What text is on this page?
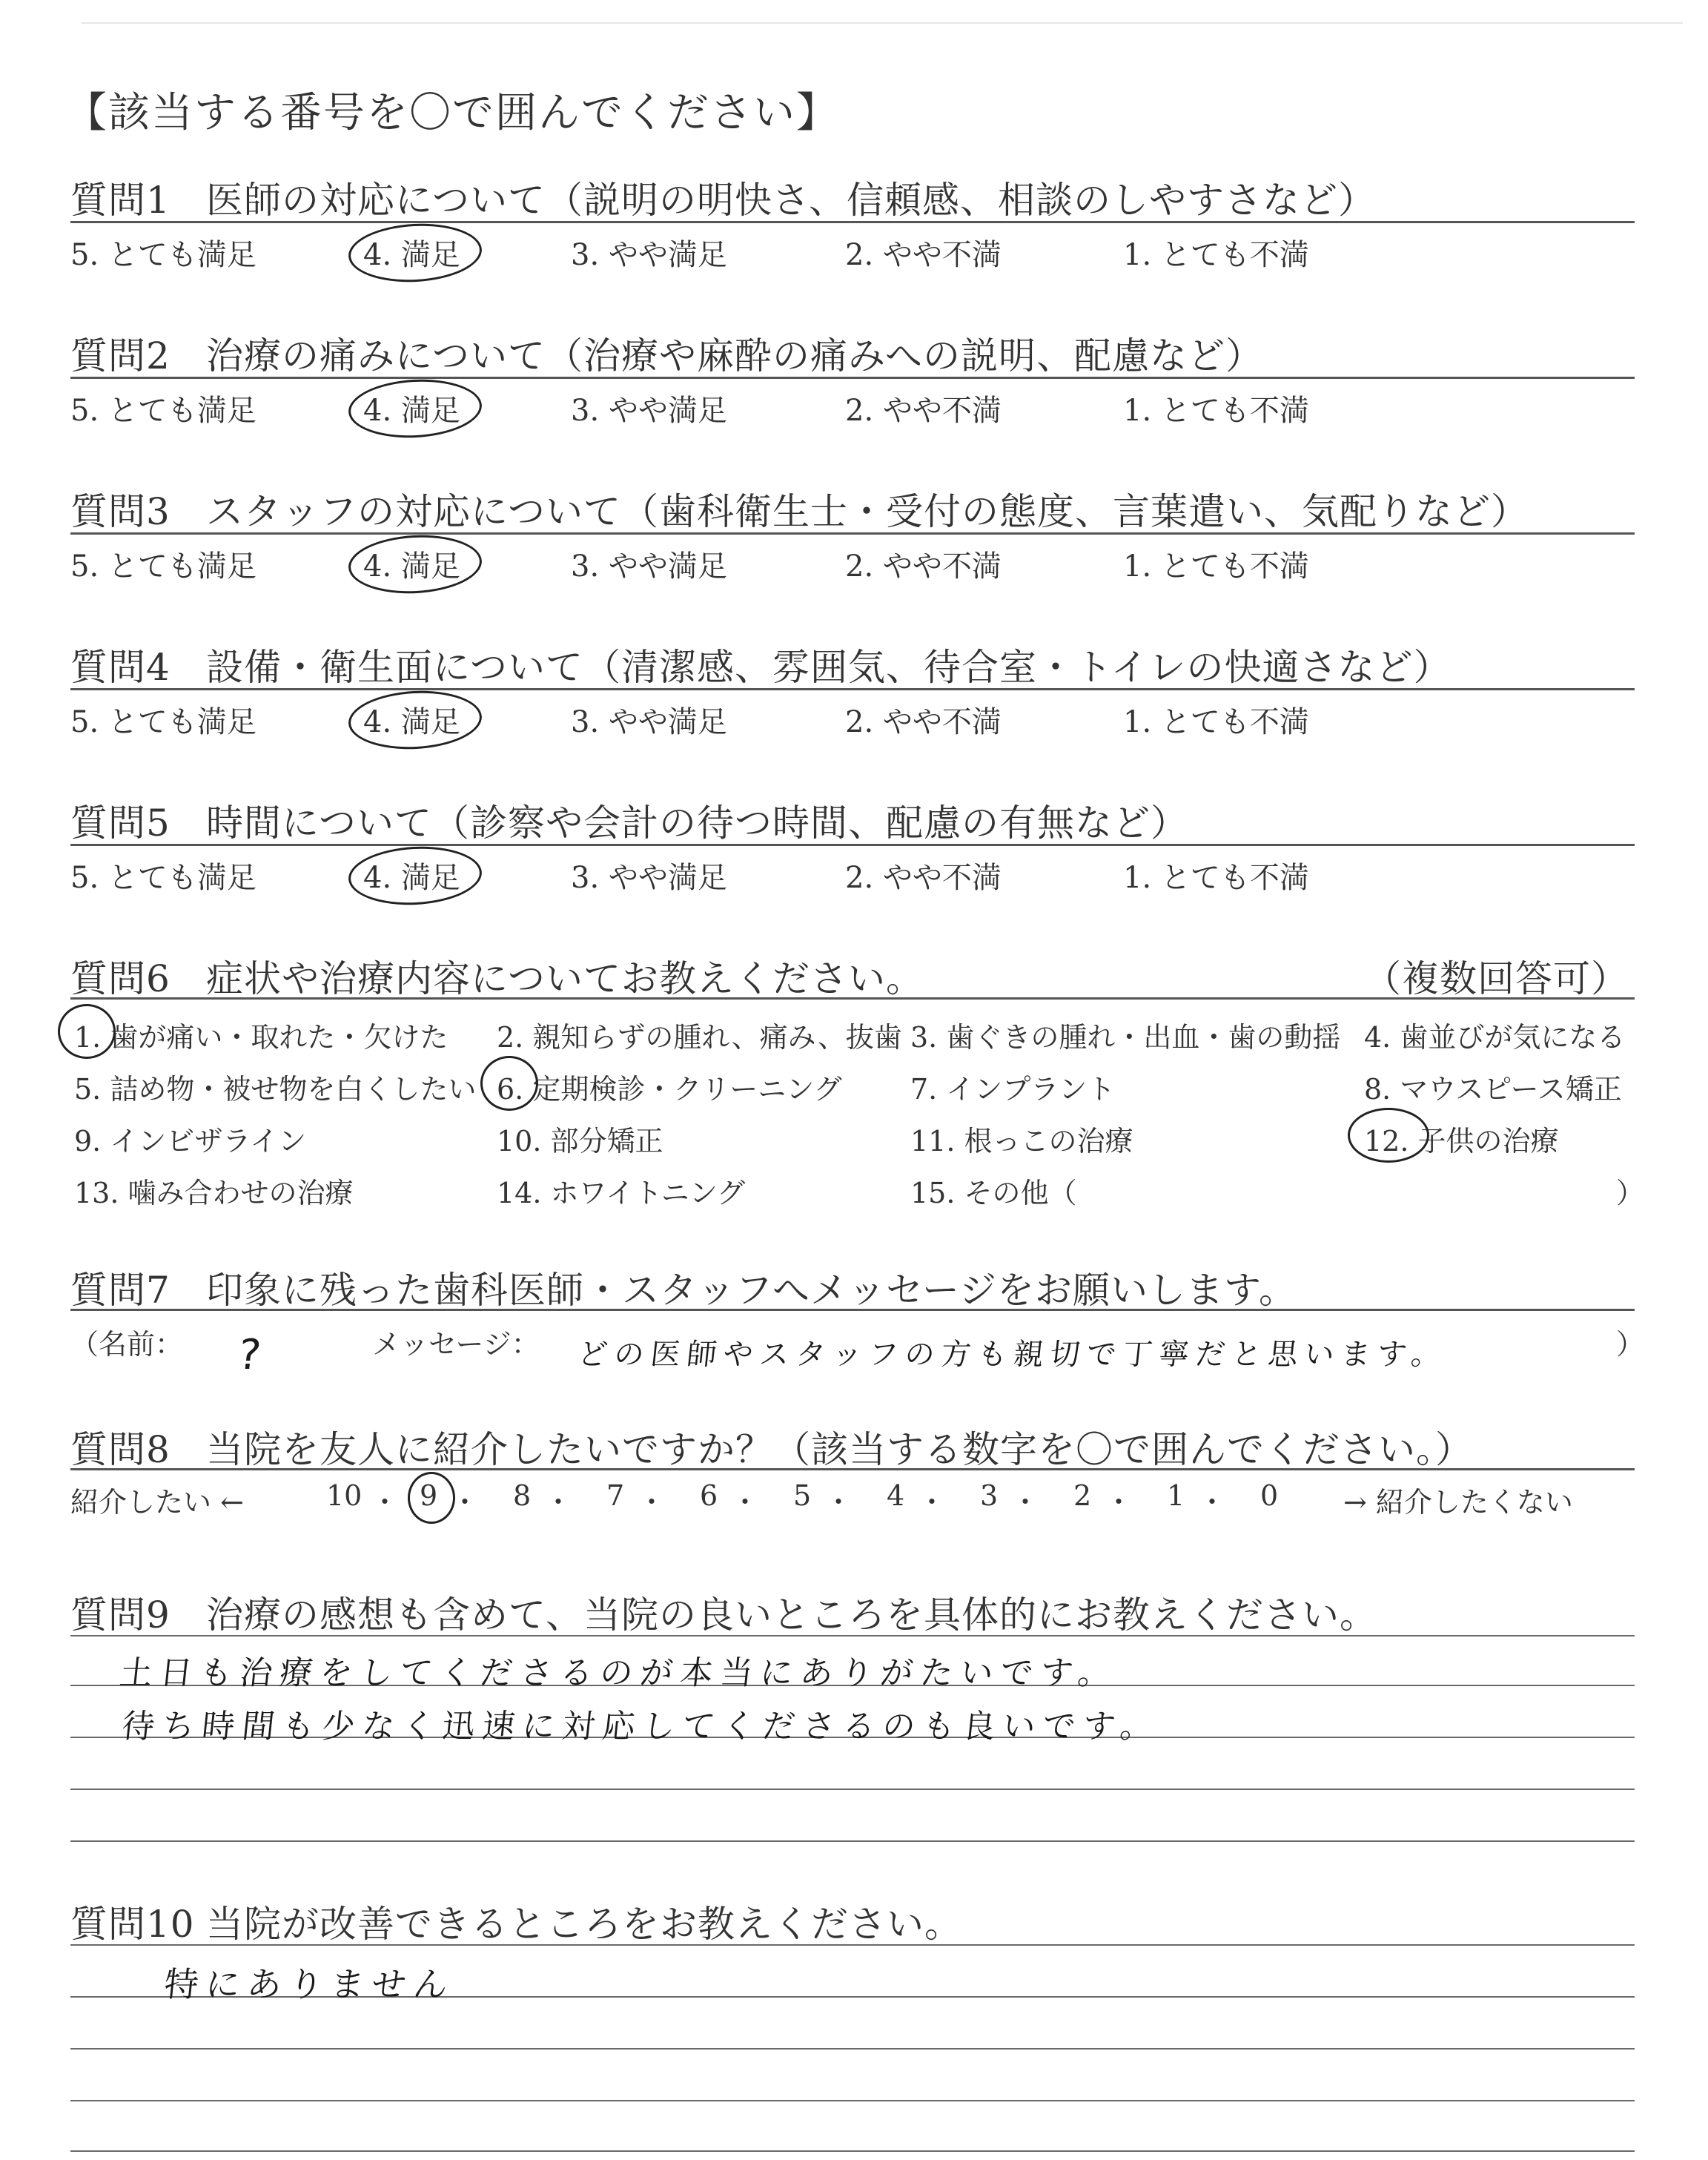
【該当する番号を〇で囲んでください】
質問1 医師の対応について（説明の明快さ、信頼感、相談のしやすさなど）
5. とても満足	4. 満足	3. やや満足	2. やや不満	1. とても不満
質問2 治療の痛みについて（治療や麻酔の痛みへの説明、配慮など）
5. とても満足	4. 満足	3. やや満足	2. やや不満	1. とても不満
質問3 スタッフの対応について（歯科衛生士・受付の態度、言葉遣い、気配りなど）
5. とても満足	4. 満足	3. やや満足	2. やや不満	1. とても不満
質問4 設備・衛生面について（清潔感、雰囲気、待合室・トイレの快適さなど）
5. とても満足	4. 満足	3. やや満足	2. やや不満	1. とても不満
質問5 時間について（診察や会計の待つ時間、配慮の有無など）
5. とても満足	4. 満足	3. やや満足	2. やや不満	1. とても不満
質問6 症状や治療内容についてお教えください。	（複数回答可）
1. 歯が痛い・取れた・欠けた 2. 親知らずの腫れ、痛み、抜歯 3. 歯ぐきの腫れ・出血・歯の動揺 4. 歯並びが気になる
5. 詰め物・被せ物を白くしたい 6. 定期検診・クリーニング 7. インプラント	8. マウスピース矯正
9. インビザライン	10. 部分矯正	11. 根っこの治療	12. 子供の治療
13. 噛み合わせの治療	14. ホワイトニング	15. その他（	）
質問7 印象に残った歯科医師・スタッフへメッセージをお願いします。
（名前： ?	メッセージ： どの医師やスタッフの方も親切で丁寧だと思います。	）
質問8 当院を友人に紹介したいですか？（該当する数字を〇で囲んでください。）
紹介したい ←	10 ・ 9 ・ 8 ・ 7 ・ 6 ・ 5 ・ 4 ・ 3 ・ 2 ・ 1 ・ 0 → 紹介したくない
質問9 治療の感想も含めて、当院の良いところを具体的にお教えください。
土日も治療をしてくださるのが本当にありがたいです。
待ち時間も少なく迅速に対応してくださるのも良いです。
質問10 当院が改善できるところをお教えください。
特にありません
